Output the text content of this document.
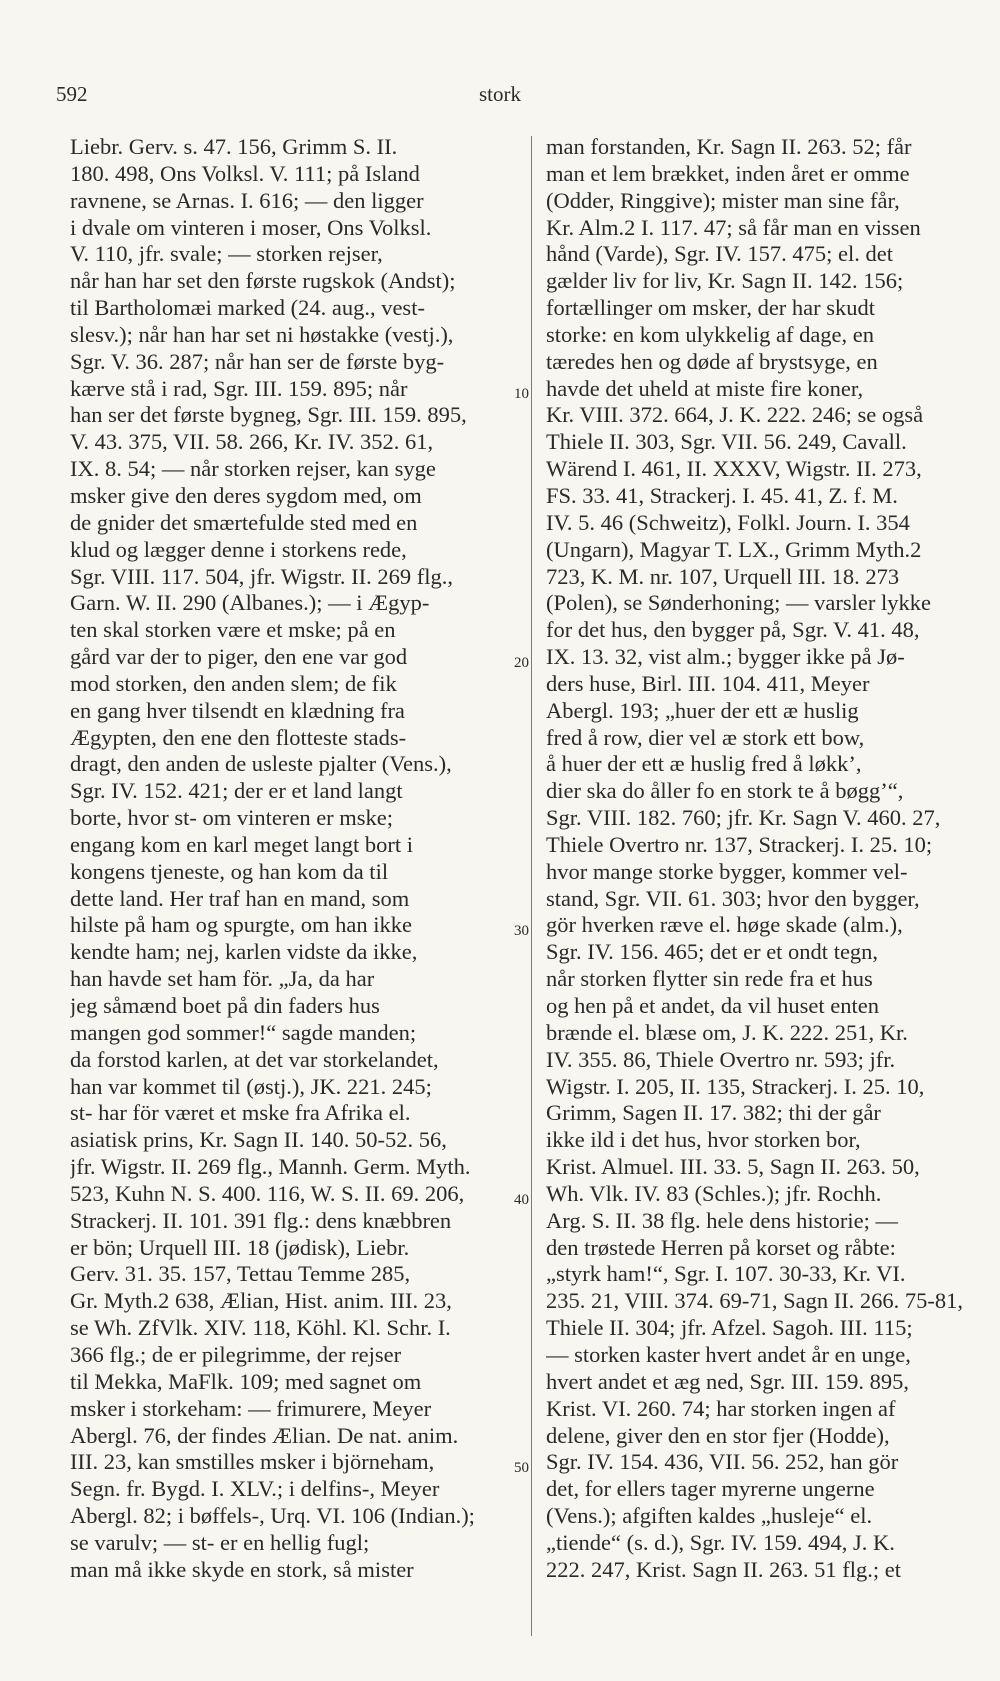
592	stork
Liebr. Gerv. s. 47. 156, Grimm S. II.
180. 498, Ons Volksl. V. 111; på Island
ravnene, se Arnas. I. 616; — den ligger
i dvale om vinteren i moser, Ons Volksl.
V. 110, jfr. svale; — storken rejser,
når han har set den første rugskok (Andst);
til Bartholomæi marked (24. aug., vest-
slesv.); når han har set ni høstakke (vestj.),
Sgr. V. 36. 287; når han ser de første byg-
kærve stå i rad, Sgr. III. 159. 895; når
han ser det første bygneg, Sgr. III. 159. 895,
V. 43. 375, VII. 58. 266, Kr. IV. 352. 61,
IX. 8. 54; — når storken rejser, kan syge
msker give den deres sygdom med, om
de gnider det smærtefulde sted med en
klud og lægger denne i storkens rede,
Sgr. VIII. 117. 504, jfr. Wigstr. II. 269 flg.,
Garn. W. II. 290 (Albanes.); — i Ægyp-
ten skal storken være et mske; på en
gård var der to piger, den ene var god
mod storken, den anden slem; de fik
en gang hver tilsendt en klædning fra
Ægypten, den ene den flotteste stads-
dragt, den anden de usleste pjalter (Vens.),
Sgr. IV. 152. 421; der er et land langt
borte, hvor st- om vinteren er mske;
engang kom en karl meget langt bort i
kongens tjeneste, og han kom da til
dette land. Her traf han en mand, som
hilste på ham og spurgte, om han ikke
kendte ham; nej, karlen vidste da ikke,
han havde set ham för. „Ja, da har
jeg såmænd boet på din faders hus
mangen god sommer!“ sagde manden;
da forstod karlen, at det var storkelandet,
han var kommet til (østj.), JK. 221. 245;
st- har för været et mske fra Afrika el.
asiatisk prins, Kr. Sagn II. 140. 50-52. 56,
jfr. Wigstr. II. 269 flg., Mannh. Germ. Myth.
523, Kuhn N. S. 400. 116, W. S. II. 69. 206,
Strackerj. II. 101. 391 flg.: dens knæbbren
er bön; Urquell III. 18 (jødisk), Liebr.
Gerv. 31. 35. 157, Tettau Temme 285,
Gr. Myth.2 638, Ælian, Hist. anim. III. 23,
se Wh. ZfVlk. XIV. 118, Köhl. Kl. Schr. I.
366 flg.; de er pilegrimme, der rejser
til Mekka, MaFlk. 109; med sagnet om
msker i storkeham: — frimurere, Meyer
Abergl. 76, der findes Ælian. De nat. anim.
III. 23, kan smstilles msker i björneham,
Segn. fr. Bygd. I. XLV.; i delfins-, Meyer
Abergl. 82; i bøffels-, Urq. VI. 106 (Indian.);
se varulv; — st- er en hellig fugl;
man må ikke skyde en stork, så mister
man forstanden, Kr. Sagn II. 263. 52; får
man et lem brækket, inden året er omme
(Odder, Ringgive); mister man sine får,
Kr. Alm.2 I. 117. 47; så får man en vissen
hånd (Varde), Sgr. IV. 157. 475; el. det
gælder liv for liv, Kr. Sagn II. 142. 156;
fortællinger om msker, der har skudt
storke: en kom ulykkelig af dage, en
tæredes hen og døde af brystsyge, en
havde det uheld at miste fire koner,
Kr. VIII. 372. 664, J. K. 222. 246; se også
Thiele II. 303, Sgr. VII. 56. 249, Cavall.
Wärend I. 461, II. XXXV, Wigstr. II. 273,
FS. 33. 41, Strackerj. I. 45. 41, Z. f. M.
IV. 5. 46 (Schweitz), Folkl. Journ. I. 354
(Ungarn), Magyar T. LX., Grimm Myth.2
723, K. M. nr. 107, Urquell III. 18. 273
(Polen), se Sønderhoning; — varsler lykke
for det hus, den bygger på, Sgr. V. 41. 48,
IX. 13. 32, vist alm.; bygger ikke på Jø-
ders huse, Birl. III. 104. 411, Meyer
Abergl. 193; „huer der ett æ huslig
fred å row, dier vel æ stork ett bow,
å huer der ett æ huslig fred å løkk’,
dier ska do åller fo en stork te å bøgg’“,
Sgr. VIII. 182. 760; jfr. Kr. Sagn V. 460. 27,
Thiele Overtro nr. 137, Strackerj. I. 25. 10;
hvor mange storke bygger, kommer vel-
stand, Sgr. VII. 61. 303; hvor den bygger,
gör hverken ræve el. høge skade (alm.),
Sgr. IV. 156. 465; det er et ondt tegn,
når storken flytter sin rede fra et hus
og hen på et andet, da vil huset enten
brænde el. blæse om, J. K. 222. 251, Kr.
IV. 355. 86, Thiele Overtro nr. 593; jfr.
Wigstr. I. 205, II. 135, Strackerj. I. 25. 10,
Grimm, Sagen II. 17. 382; thi der går
ikke ild i det hus, hvor storken bor,
Krist. Almuel. III. 33. 5, Sagn II. 263. 50,
Wh. Vlk. IV. 83 (Schles.); jfr. Rochh.
Arg. S. II. 38 flg. hele dens historie; —
den trøstede Herren på korset og råbte:
„styrk ham!“, Sgr. I. 107. 30-33, Kr. VI.
235. 21, VIII. 374. 69-71, Sagn II. 266. 75-81,
Thiele II. 304; jfr. Afzel. Sagoh. III. 115;
— storken kaster hvert andet år en unge,
hvert andet et æg ned, Sgr. III. 159. 895,
Krist. VI. 260. 74; har storken ingen af
delene, giver den en stor fjer (Hodde),
Sgr. IV. 154. 436, VII. 56. 252, han gör
det, for ellers tager myrerne ungerne
(Vens.); afgiften kaldes „husleje“ el.
„tiende“ (s. d.), Sgr. IV. 159. 494, J. K.
222. 247, Krist. Sagn II. 263. 51 flg.; et
10
20
30
40
50
